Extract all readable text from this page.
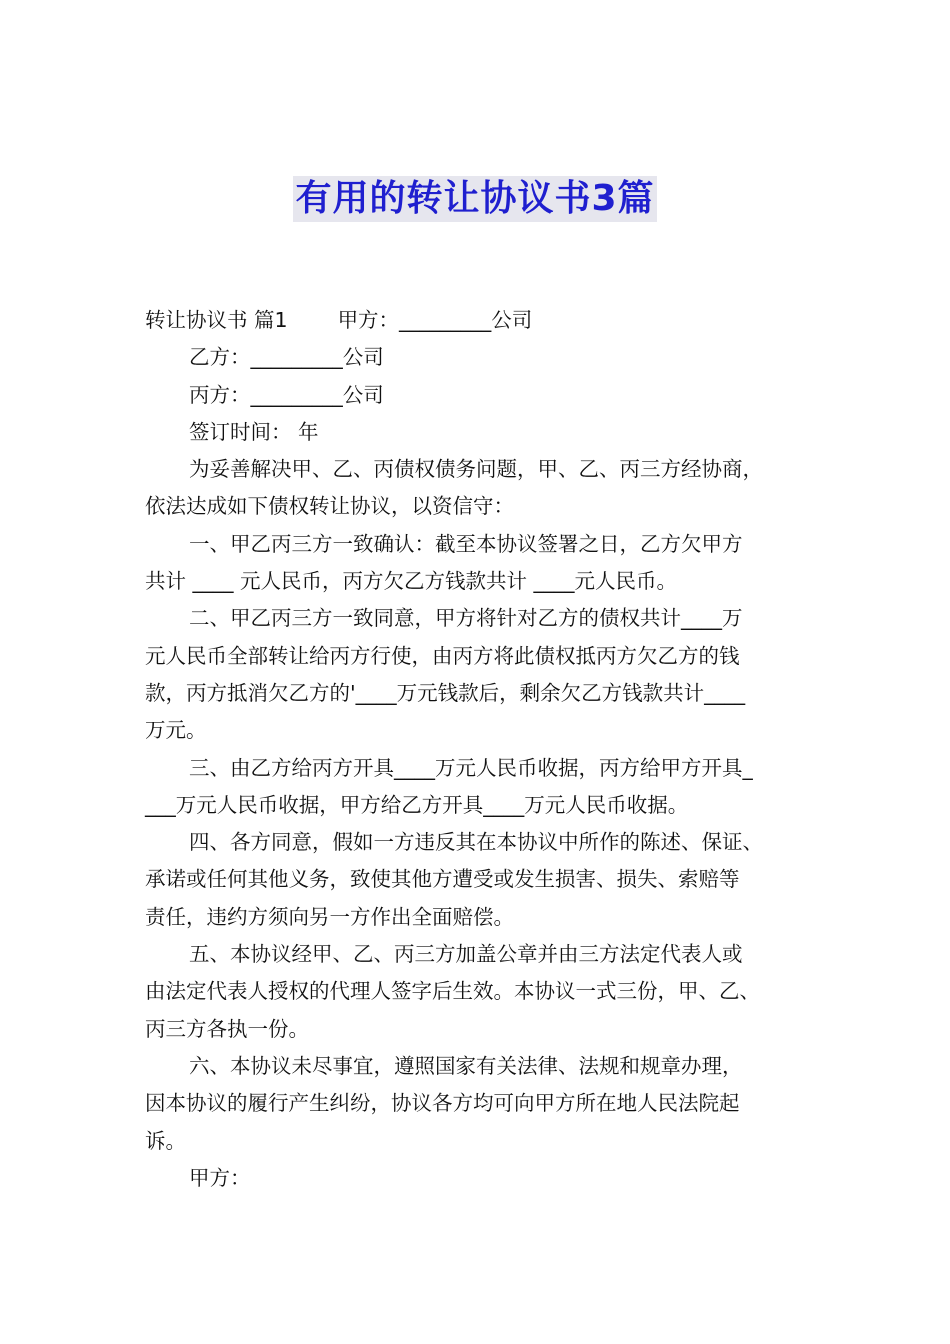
有用的转让协议书3篇
转让协议书 篇1 甲方：_________公司
乙方：_________公司
丙方：_________公司
签订时间： 年
为妥善解决甲、乙、丙债权债务问题，甲、乙、丙三方经协商，
依法达成如下债权转让协议，以资信守：
一、甲乙丙三方一致确认：截至本协议签署之日，乙方欠甲方
共计 ____ 元人民币，丙方欠乙方钱款共计 ____元人民币。
二、甲乙丙三方一致同意，甲方将针对乙方的债权共计____万
元人民币全部转让给丙方行使，由丙方将此债权抵丙方欠乙方的钱
款，丙方抵消欠乙方的'____万元钱款后，剩余欠乙方钱款共计____
万元。
三、由乙方给丙方开具____万元人民币收据，丙方给甲方开具_
___万元人民币收据，甲方给乙方开具____万元人民币收据。
四、各方同意，假如一方违反其在本协议中所作的陈述、保证、
承诺或任何其他义务，致使其他方遭受或发生损害、损失、索赔等
责任，违约方须向另一方作出全面赔偿。
五、本协议经甲、乙、丙三方加盖公章并由三方法定代表人或
由法定代表人授权的代理人签字后生效。本协议一式三份，甲、乙、
丙三方各执一份。
六、本协议未尽事宜，遵照国家有关法律、法规和规章办理，
因本协议的履行产生纠纷，协议各方均可向甲方所在地人民法院起
诉。
甲方：
